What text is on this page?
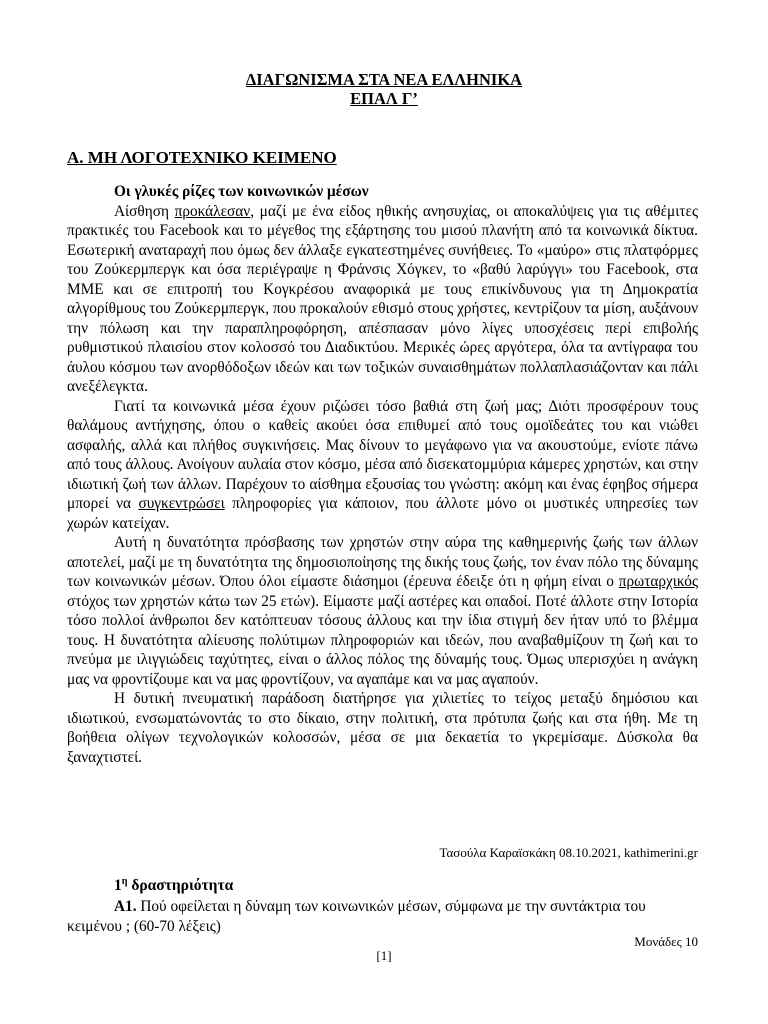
ΔΙΑΓΩΝΙΣΜΑ ΣΤΑ ΝΕΑ ΕΛΛΗΝΙΚΑ
ΕΠΑΛ Γ’
Α. ΜΗ ΛΟΓΟΤΕΧΝΙΚΟ ΚΕΙΜΕΝΟ
Οι γλυκές ρίζες των κοινωνικών μέσων

Αίσθηση προκάλεσαν, μαζί με ένα είδος ηθικής ανησυχίας, οι αποκαλύψεις για τις αθέμιτες πρακτικές του Facebook και το μέγεθος της εξάρτησης του μισού πλανήτη από τα κοινωνικά δίκτυα. Εσωτερική αναταραχή που όμως δεν άλλαξε εγκατεστημένες συνήθειες. Το «μαύρο» στις πλατφόρμες του Ζούκερμπεργκ και όσα περιέγραψε η Φράνσις Χόγκεν, το «βαθύ λαρύγγι» του Facebook, στα ΜΜΕ και σε επιτροπή του Κογκρέσου αναφορικά με τους επικίνδυνους για τη Δημοκρατία αλγορίθμους του Ζούκερμπεργκ, που προκαλούν εθισμό στους χρήστες, κεντρίζουν τα μίση, αυξάνουν την πόλωση και την παραπληροφόρηση, απέσπασαν μόνο λίγες υποσχέσεις περί επιβολής ρυθμιστικού πλαισίου στον κολοσσό του Διαδικτύου. Μερικές ώρες αργότερα, όλα τα αντίγραφα του άυλου κόσμου των ανορθόδοξων ιδεών και των τοξικών συναισθημάτων πολλαπλασιάζονταν και πάλι ανεξέλεγκτα.

Γιατί τα κοινωνικά μέσα έχουν ριζώσει τόσο βαθιά στη ζωή μας; Διότι προσφέρουν τους θαλάμους αντήχησης, όπου ο καθείς ακούει όσα επιθυμεί από τους ομοϊδεάτες του και νιώθει ασφαλής, αλλά και πλήθος συγκινήσεις. Μας δίνουν το μεγάφωνο για να ακουστούμε, ενίοτε πάνω από τους άλλους. Ανοίγουν αυλαία στον κόσμο, μέσα από δισεκατομμύρια κάμερες χρηστών, και στην ιδιωτική ζωή των άλλων. Παρέχουν το αίσθημα εξουσίας του γνώστη: ακόμη και ένας έφηβος σήμερα μπορεί να συγκεντρώσει πληροφορίες για κάποιον, που άλλοτε μόνο οι μυστικές υπηρεσίες των χωρών κατείχαν.

Αυτή η δυνατότητα πρόσβασης των χρηστών στην αύρα της καθημερινής ζωής των άλλων αποτελεί, μαζί με τη δυνατότητα της δημοσιοποίησης της δικής τους ζωής, τον έναν πόλο της δύναμης των κοινωνικών μέσων. Όπου όλοι είμαστε διάσημοι (έρευνα έδειξε ότι η φήμη είναι ο πρωταρχικός στόχος των χρηστών κάτω των 25 ετών). Είμαστε μαζί αστέρες και οπαδοί. Ποτέ άλλοτε στην Ιστορία τόσο πολλοί άνθρωποι δεν κατόπτευαν τόσους άλλους και την ίδια στιγμή δεν ήταν υπό το βλέμμα τους. Η δυνατότητα αλίευσης πολύτιμων πληροφοριών και ιδεών, που αναβαθμίζουν τη ζωή και το πνεύμα με ιλιγγιώδεις ταχύτητες, είναι ο άλλος πόλος της δύναμής τους. Όμως υπερισχύει η ανάγκη μας να φροντίζουμε και να μας φροντίζουν, να αγαπάμε και να μας αγαπούν.

Η δυτική πνευματική παράδοση διατήρησε για χιλιετίες το τείχος μεταξύ δημόσιου και ιδιωτικού, ενσωματώνοντάς το στο δίκαιο, στην πολιτική, στα πρότυπα ζωής και στα ήθη. Με τη βοήθεια ολίγων τεχνολογικών κολοσσών, μέσα σε μια δεκαετία το γκρεμίσαμε. Δύσκολα θα ξαναχτιστεί.

Τασούλα Καραϊσκάκη 08.10.2021, kathimerini.gr
$1^\eta$ δραστηριότητα
Α1. Πού οφείλεται η δύναμη των κοινωνικών μέσων, σύμφωνα με την συντάκτρια του κειμένου ; (60-70 λέξεις)
Μονάδες 10
[1]
